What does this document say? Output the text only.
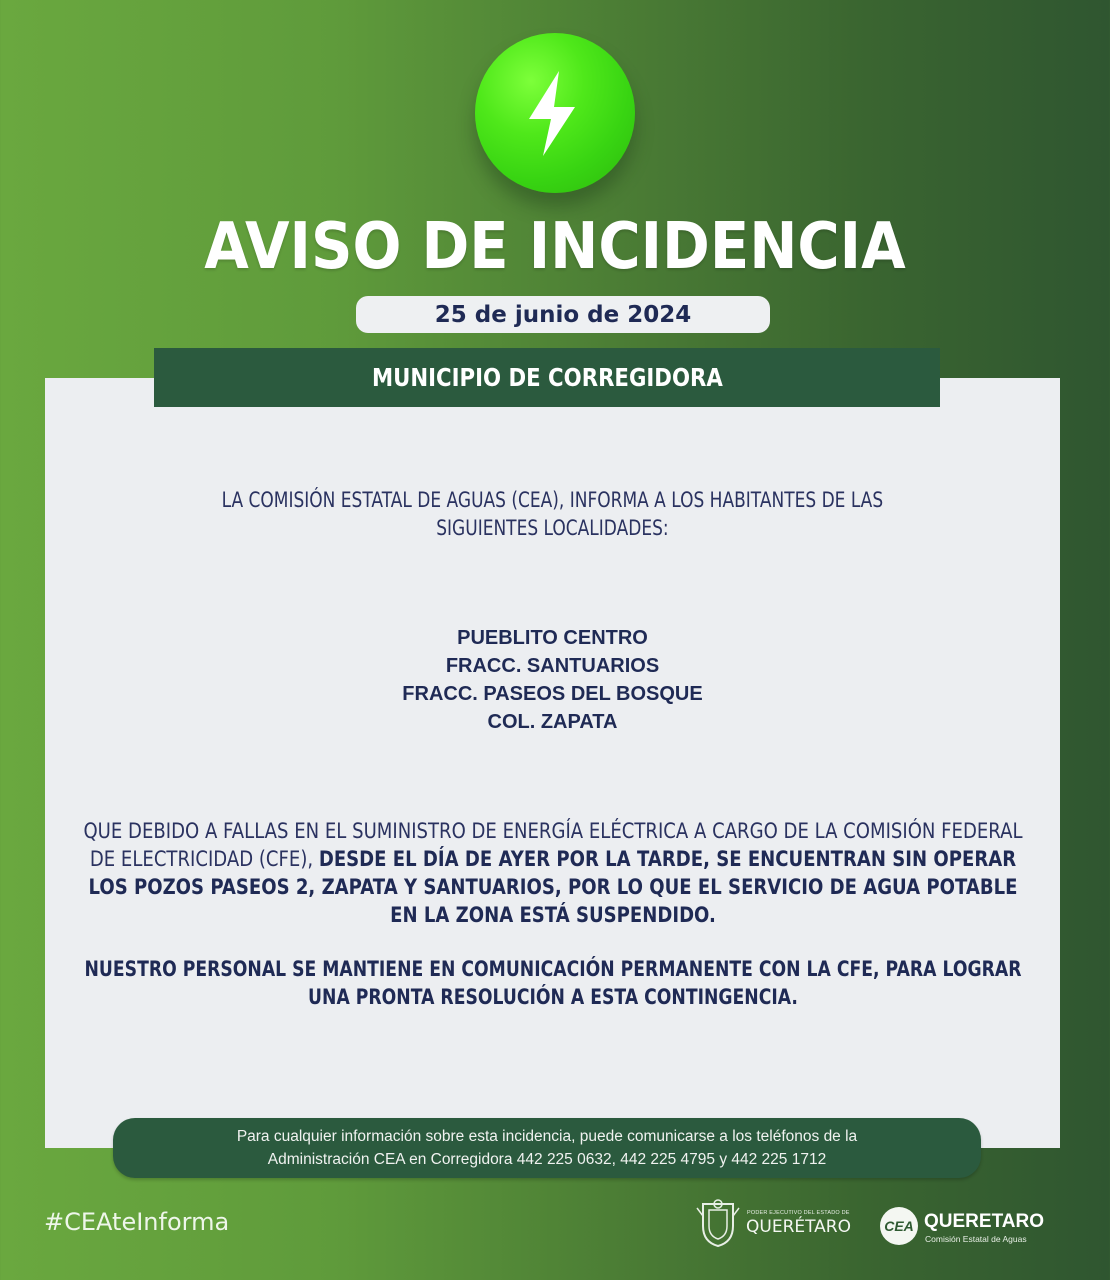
AVISO DE INCIDENCIA
25 de junio de 2024
MUNICIPIO DE CORREGIDORA
LA COMISIÓN ESTATAL DE AGUAS (CEA), INFORMA A LOS HABITANTES DE LAS
SIGUIENTES LOCALIDADES:
PUEBLITO CENTRO
FRACC. SANTUARIOS
FRACC. PASEOS DEL BOSQUE
COL. ZAPATA
QUE DEBIDO A FALLAS EN EL SUMINISTRO DE ENERGÍA ELÉCTRICA A CARGO DE LA COMISIÓN FEDERAL DE ELECTRICIDAD (CFE), DESDE EL DÍA DE AYER POR LA TARDE, SE ENCUENTRAN SIN OPERAR LOS POZOS PASEOS 2, ZAPATA Y SANTUARIOS, POR LO QUE EL SERVICIO DE AGUA POTABLE EN LA ZONA ESTÁ SUSPENDIDO.
NUESTRO PERSONAL SE MANTIENE EN COMUNICACIÓN PERMANENTE CON LA CFE, PARA LOGRAR UNA PRONTA RESOLUCIÓN A ESTA CONTINGENCIA.
Para cualquier información sobre esta incidencia, puede comunicarse a los teléfonos de la
Administración CEA en Corregidora 442 225 0632, 442 225 4795 y 442 225 1712
#CEAteInforma	PODER EJECUTIVO DEL ESTADO DE
QUERÉTARO	CEA QUERETARO
Comisión Estatal de Aguas
